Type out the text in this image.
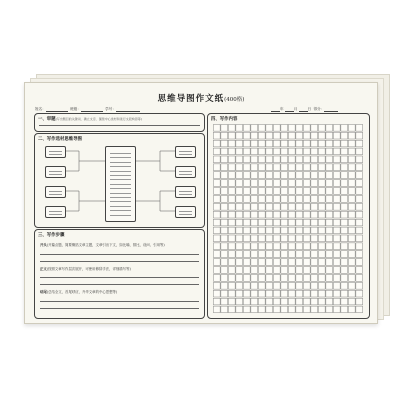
思维导图作文纸(400格)
姓名：	班级：	学号：	年	月	日 得分：
一、审题(写出题目的关键词、确立文章、围绕中心选材和进行文段构思等)
二、写作选材思维导图
三、写作步骤
开头(开篇点题，简要概括文章主题，文章引出下文，如比喻、排比、设问、引用等)
正文(按照文章写作层次展开，可使用修辞手法，详细描写等)
结尾(总结全文，首尾呼应，升华文章的中心思想等)
四、写作内容
